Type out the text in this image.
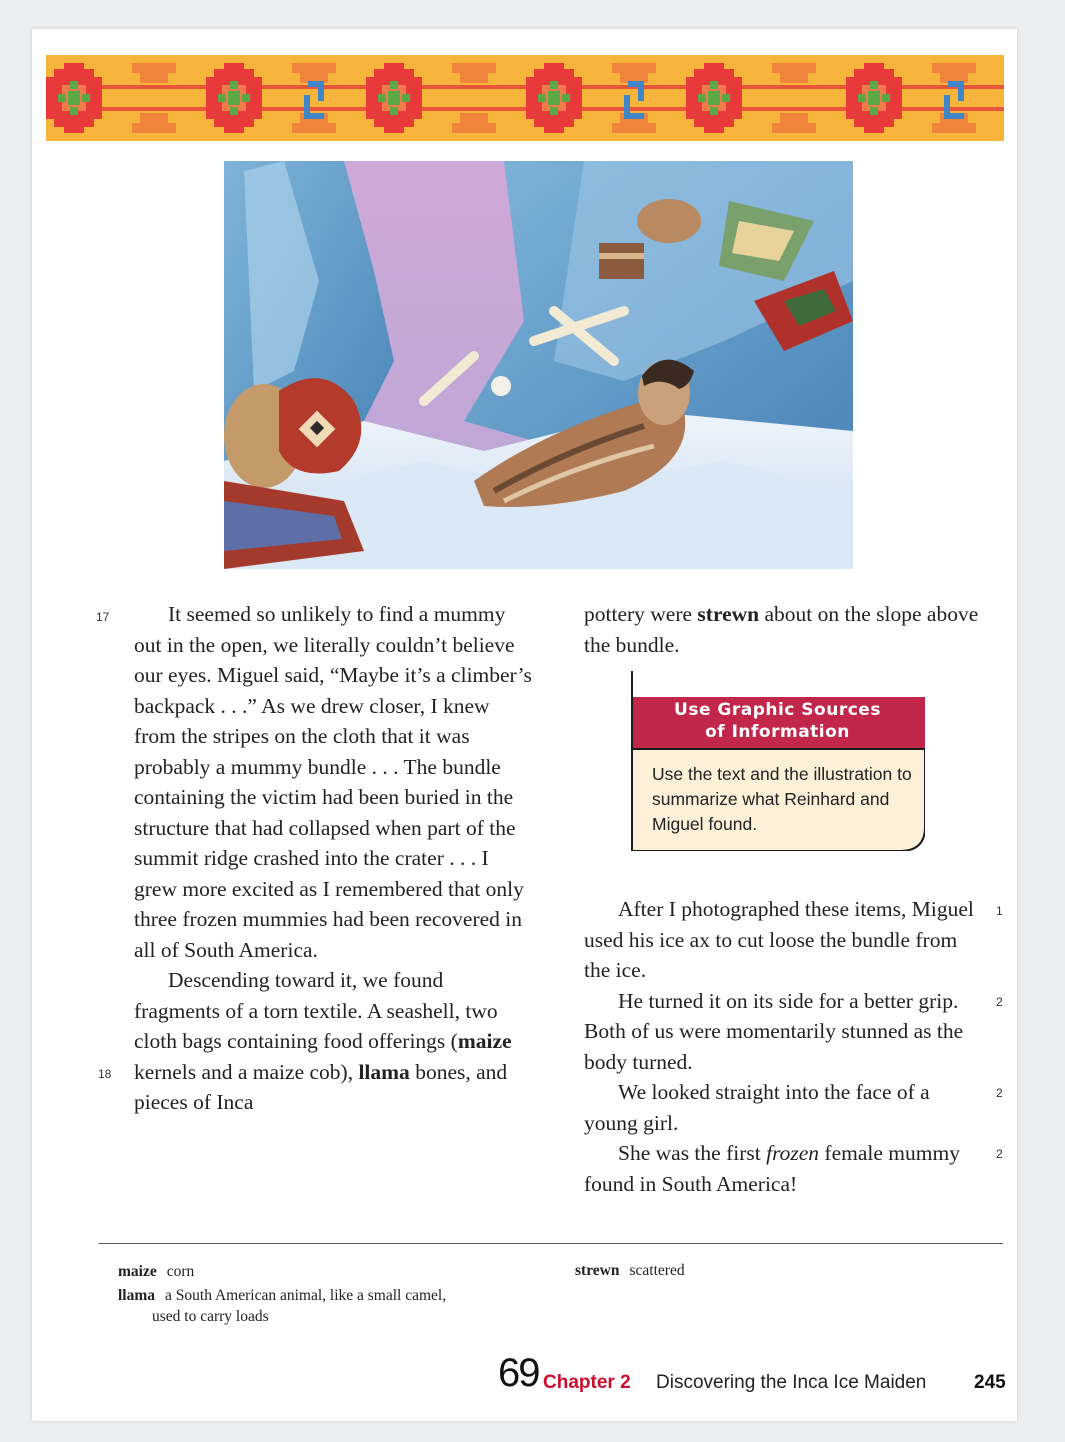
17
18
1
2
2
2

It seemed so unlikely to find a mummy out in the open, we literally couldn’t believe our eyes. Miguel said, “Maybe it’s a climber’s backpack . . .” As we drew closer, I knew from the stripes on the cloth that it was probably a mummy bundle . . . The bundle containing the victim had been buried in the structure that had collapsed when part of the summit ridge crashed into the crater . . . I grew more excited as I remembered that only three frozen mummies had been recovered in all of South America.

Descending toward it, we found fragments of a torn textile. A seashell, two cloth bags containing food offerings (maize kernels and a maize cob), llama bones, and pieces of Inca

pottery were strewn about on the slope above the bundle.

Use Graphic Sources
of Information
Use the text and the illustration to summarize what Reinhard and Miguel found.

After I photographed these items, Miguel used his ice ax to cut loose the bundle from the ice.

He turned it on its side for a better grip. Both of us were momentarily stunned as the body turned.

We looked straight into the face of a young girl.

She was the first frozen female mummy found in South America!

maize corn
llama a South American animal, like a small camel,
used to carry loads
strewn scattered
69 Chapter 2 Discovering the Inca Ice Maiden	245
